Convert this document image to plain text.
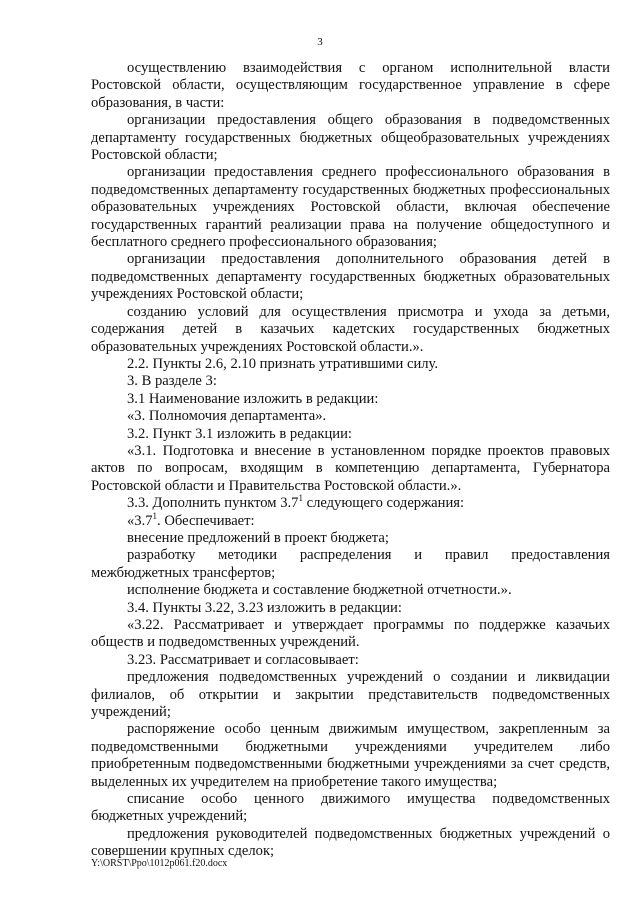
3

осуществлению взаимодействия с органом исполнительной власти Ростовской области, осуществляющим государственное управление в сфере образования, в части:

организации предоставления общего образования в подведомственных департаменту государственных бюджетных общеобразовательных учреждениях Ростовской области;

организации предоставления среднего профессионального образования в подведомственных департаменту государственных бюджетных профессиональных образовательных учреждениях Ростовской области, включая обеспечение государственных гарантий реализации права на получение общедоступного и бесплатного среднего профессионального образования;

организации предоставления дополнительного образования детей в подведомственных департаменту государственных бюджетных образовательных учреждениях Ростовской области;

созданию условий для осуществления присмотра и ухода за детьми, содержания детей в казачьих кадетских государственных бюджетных образовательных учреждениях Ростовской области.».

2.2. Пункты 2.6, 2.10 признать утратившими силу.

3. В разделе 3:

3.1 Наименование изложить в редакции:

«3. Полномочия департамента».

3.2. Пункт 3.1 изложить в редакции:

«3.1. Подготовка и внесение в установленном порядке проектов правовых актов по вопросам, входящим в компетенцию департамента, Губернатора Ростовской области и Правительства Ростовской области.».

3.3. Дополнить пунктом $3.7^1$ следующего содержания:

«$3.7^1$. Обеспечивает:

внесение предложений в проект бюджета;

разработку методики распределения и правил предоставления межбюджетных трансфертов;

исполнение бюджета и составление бюджетной отчетности.».

3.4. Пункты 3.22, 3.23 изложить в редакции:

«3.22. Рассматривает и утверждает программы по поддержке казачьих обществ и подведомственных учреждений.

3.23. Рассматривает и согласовывает:

предложения подведомственных учреждений о создании и ликвидации филиалов, об открытии и закрытии представительств подведомственных учреждений;

распоряжение особо ценным движимым имуществом, закрепленным за подведомственными бюджетными учреждениями учредителем либо приобретенным подведомственными бюджетными учреждениями за счет средств, выделенных их учредителем на приобретение такого имущества;

списание особо ценного движимого имущества подведомственных бюджетных учреждений;

предложения руководителей подведомственных бюджетных учреждений о совершении крупных сделок;

Y:\ORST\Ppo\1012p061.f20.docx
